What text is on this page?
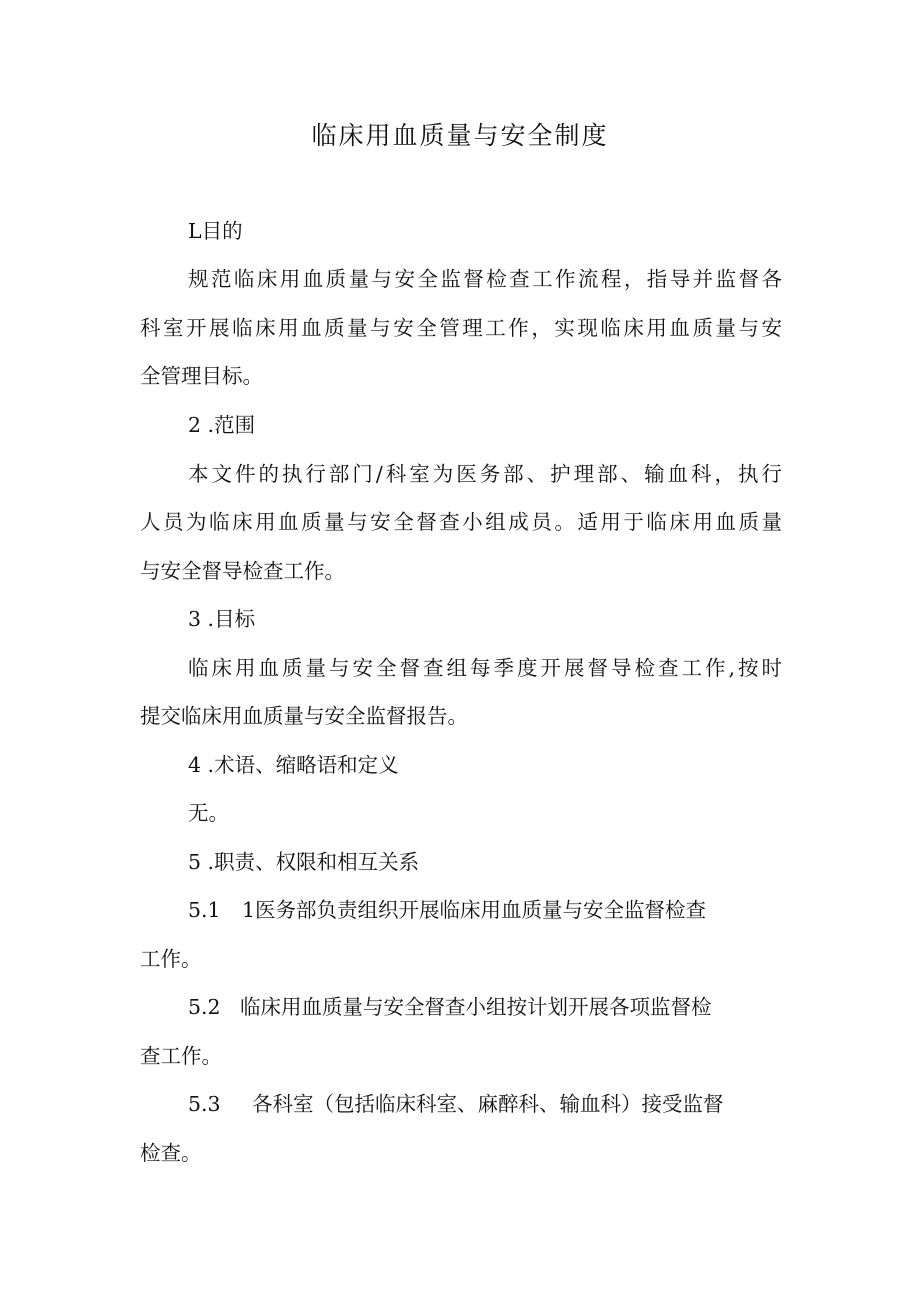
临床用血质量与安全制度
L目的
规范临床用血质量与安全监督检查工作流程，指导并监督各
科室开展临床用血质量与安全管理工作，实现临床用血质量与安
全管理目标。
2 .范围
本文件的执行部门/科室为医务部、护理部、输血科，执行
人员为临床用血质量与安全督查小组成员。适用于临床用血质量
与安全督导检查工作。
3 .目标
临床用血质量与安全督查组每季度开展督导检查工作,按时
提交临床用血质量与安全监督报告。
4 .术语、缩略语和定义
无。
5 .职责、权限和相互关系
5.1 1医务部负责组织开展临床用血质量与安全监督检查
工作。
5.2 临床用血质量与安全督查小组按计划开展各项监督检
查工作。
5.3 各科室（包括临床科室、麻醉科、输血科）接受监督
检查。
